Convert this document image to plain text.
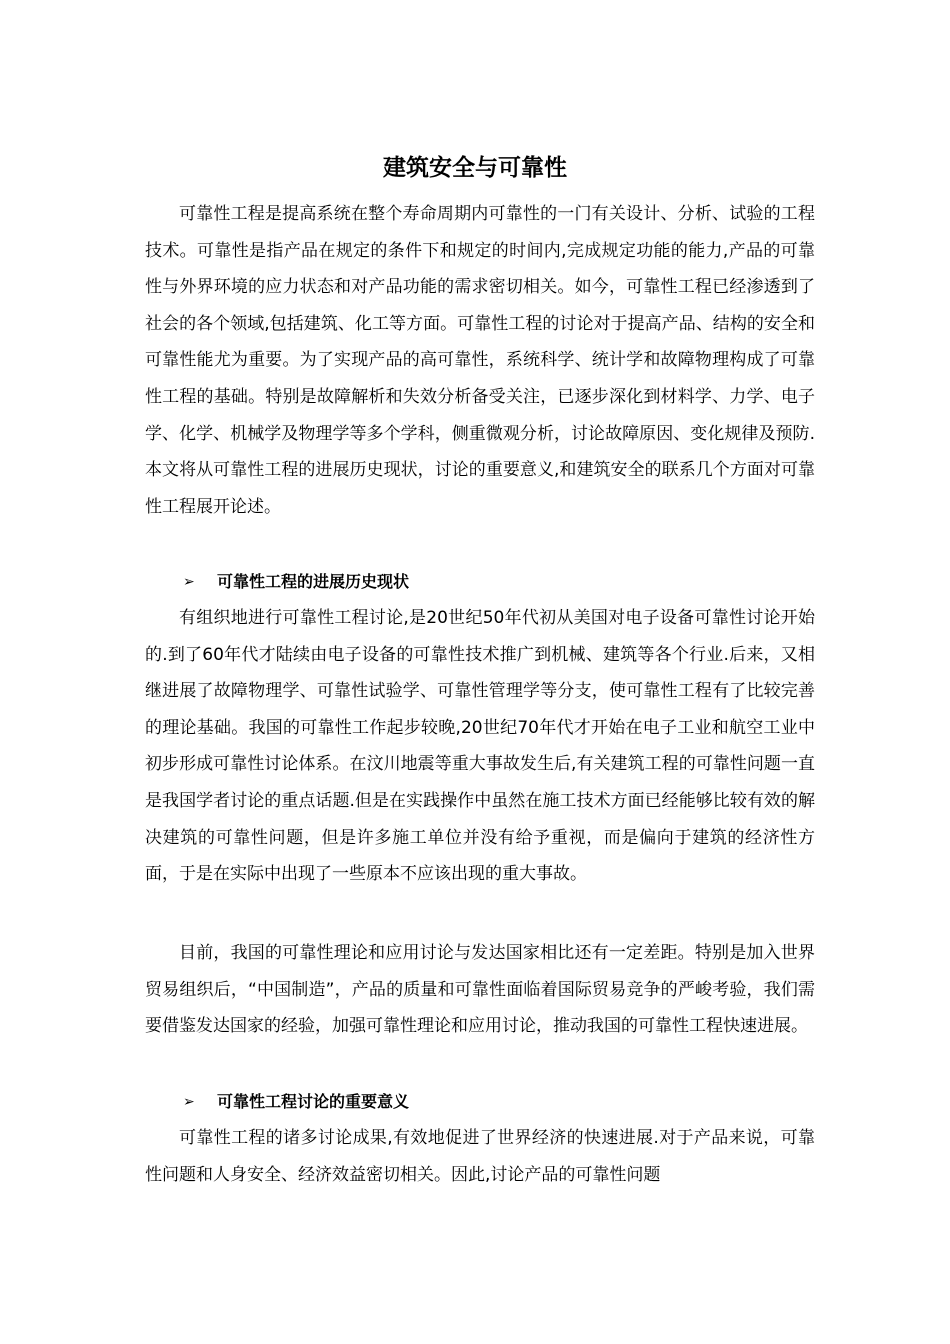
建筑安全与可靠性

可靠性工程是提高系统在整个寿命周期内可靠性的一门有关设计、分析、试验的工程技术。可靠性是指产品在规定的条件下和规定的时间内,完成规定功能的能力,产品的可靠性与外界环境的应力状态和对产品功能的需求密切相关。如今，可靠性工程已经渗透到了社会的各个领域,包括建筑、化工等方面。可靠性工程的讨论对于提高产品、结构的安全和可靠性能尤为重要。为了实现产品的高可靠性，系统科学、统计学和故障物理构成了可靠性工程的基础。特别是故障解析和失效分析备受关注，已逐步深化到材料学、力学、电子学、化学、机械学及物理学等多个学科，侧重微观分析，讨论故障原因、变化规律及预防.本文将从可靠性工程的进展历史现状，讨论的重要意义,和建筑安全的联系几个方面对可靠性工程展开论述。

➢	可靠性工程的进展历史现状

有组织地进行可靠性工程讨论,是20世纪50年代初从美国对电子设备可靠性讨论开始的.到了60年代才陆续由电子设备的可靠性技术推广到机械、建筑等各个行业.后来，又相继进展了故障物理学、可靠性试验学、可靠性管理学等分支，使可靠性工程有了比较完善的理论基础。我国的可靠性工作起步较晚,20世纪70年代才开始在电子工业和航空工业中初步形成可靠性讨论体系。在汶川地震等重大事故发生后,有关建筑工程的可靠性问题一直是我国学者讨论的重点话题.但是在实践操作中虽然在施工技术方面已经能够比较有效的解决建筑的可靠性问题，但是许多施工单位并没有给予重视，而是偏向于建筑的经济性方面，于是在实际中出现了一些原本不应该出现的重大事故。

目前，我国的可靠性理论和应用讨论与发达国家相比还有一定差距。特别是加入世界贸易组织后，“中国制造”，产品的质量和可靠性面临着国际贸易竞争的严峻考验，我们需要借鉴发达国家的经验，加强可靠性理论和应用讨论，推动我国的可靠性工程快速进展。

➢	可靠性工程讨论的重要意义

可靠性工程的诸多讨论成果,有效地促进了世界经济的快速进展.对于产品来说，可靠性问题和人身安全、经济效益密切相关。因此,讨论产品的可靠性问题
